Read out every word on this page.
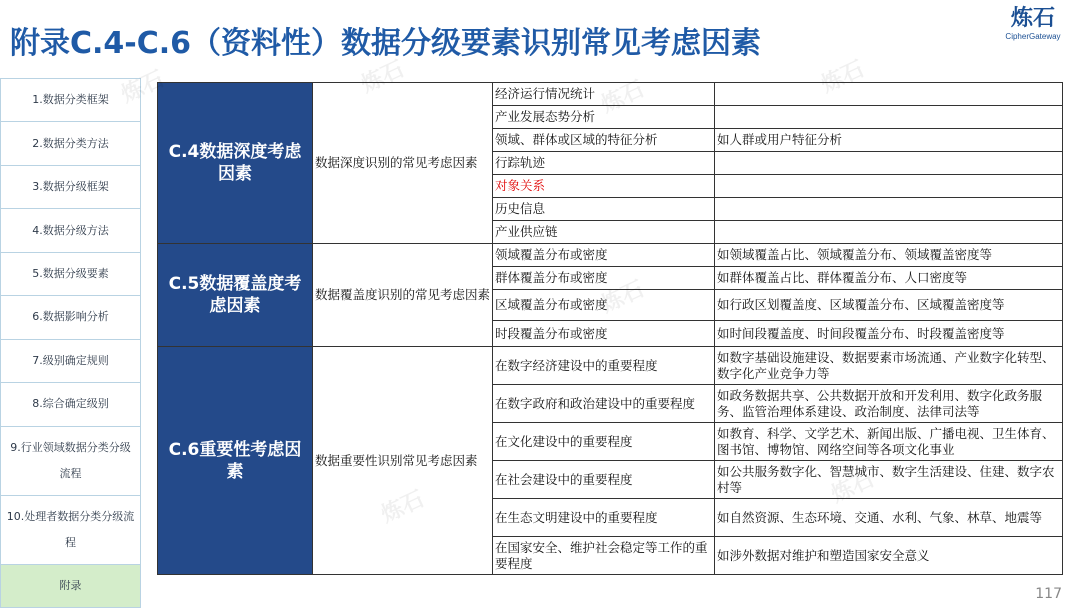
附录C.4-C.6（资料性）数据分级要素识别常见考虑因素
炼石
CipherGateway
1.数据分类框架
2.数据分类方法
3.数据分级框架
4.数据分级方法
5.数据分级要素
6.数据影响分析
7.级别确定规则
8.综合确定级别
9.行业领域数据分类分级流程
10.处理者数据分类分级流程
附录
C.4数据深度考虑因素	数据深度识别的常见考虑因素	经济运行情况统计	
		产业发展态势分析	
		领域、群体或区域的特征分析	如人群或用户特征分析
		行踪轨迹	
		对象关系	
		历史信息	
		产业供应链	
C.5数据覆盖度考虑因素	数据覆盖度识别的常见考虑因素	领域覆盖分布或密度	如领域覆盖占比、领域覆盖分布、领域覆盖密度等
		群体覆盖分布或密度	如群体覆盖占比、群体覆盖分布、人口密度等
		区域覆盖分布或密度	如行政区划覆盖度、区域覆盖分布、区域覆盖密度等
		时段覆盖分布或密度	如时间段覆盖度、时间段覆盖分布、时段覆盖密度等
C.6重要性考虑因素	数据重要性识别常见考虑因素	在数字经济建设中的重要程度	如数字基础设施建设、数据要素市场流通、产业数字化转型、数字化产业竞争力等
		在数字政府和政治建设中的重要程度	如政务数据共享、公共数据开放和开发利用、数字化政务服务、监管治理体系建设、政治制度、法律司法等
		在文化建设中的重要程度	如教育、科学、文学艺术、新闻出版、广播电视、卫生体育、图书馆、博物馆、网络空间等各项文化事业
		在社会建设中的重要程度	如公共服务数字化、智慧城市、数字生活建设、住建、数字农村等
		在生态文明建设中的重要程度	如自然资源、生态环境、交通、水利、气象、林草、地震等
		在国家安全、维护社会稳定等工作的重要程度	如涉外数据对维护和塑造国家安全意义
炼石	炼石	炼石	炼石
炼石
炼石	炼石
117
